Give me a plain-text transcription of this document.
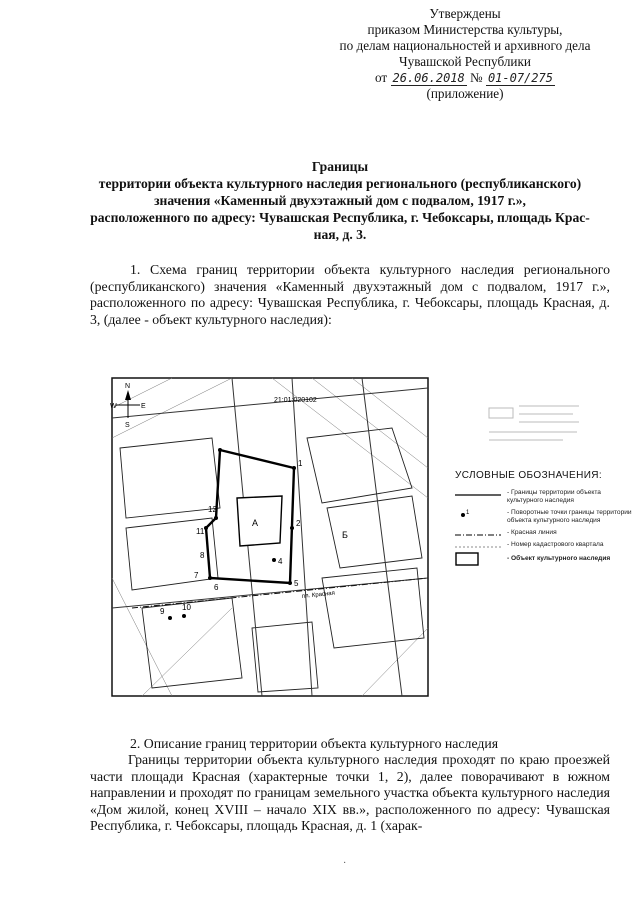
Утверждены
приказом Министерства культуры,
по делам национальностей и архивного дела
Чувашской Республики
от 26.06.2018 № 01-07/275
(приложение)
Границы
территории объекта культурного наследия регионального (республиканского)
значения «Каменный двухэтажный дом с подвалом, 1917 г.»,
расположенного по адресу: Чувашская Республика, г. Чебоксары, площадь Крас-
ная, д. 3.
1. Схема границ территории объекта культурного наследия регионального (республиканского) значения «Каменный двухэтажный дом с подвалом, 1917 г.», расположенного по адресу: Чувашская Республика, г. Чебоксары, площадь Красная, д. 3, (далее - объект культурного наследия):
А
Б
21:01:020102
пл. Красная
1
2
4
5
6
7
8
9 10
11
12
N
W	E
S
УСЛОВНЫЕ ОБОЗНАЧЕНИЯ:
- Границы территории объекта культурного наследия
1	- Поворотные точки границы территории объекта культурного наследия
- Красная линия
- Номер кадастрового квартала
- Объект культурного наследия
2. Описание границ территории объекта культурного наследия
Границы территории объекта культурного наследия проходят по краю проезжей части площади Красная (характерные точки 1, 2), далее поворачивают в южном направлении и проходят по границам земельного участка объекта культурного наследия «Дом жилой, конец XVIII – начало XIX вв.», расположенного по адресу: Чувашская Республика, г. Чебоксары, площадь Красная, д. 1 (харак-
·
